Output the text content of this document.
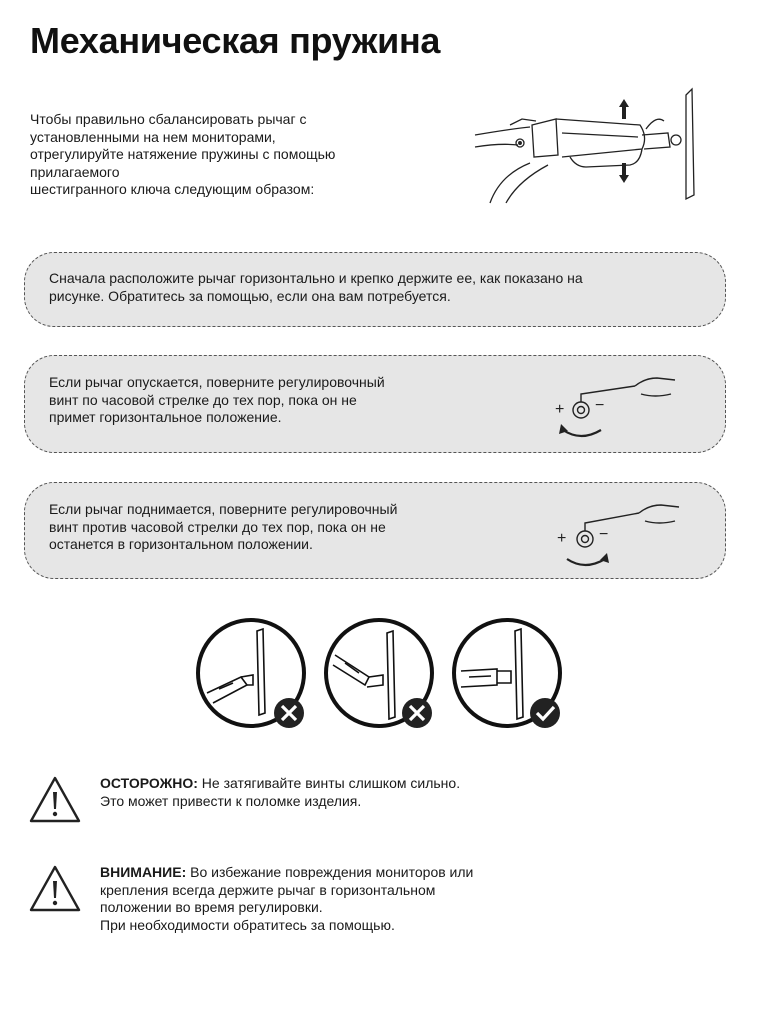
Механическая пружина
Чтобы правильно сбалансировать рычаг с
установленными на нем мониторами,
отрегулируйте натяжение пружины с помощью
прилагаемого
шестигранного ключа следующим образом:
Сначала расположите рычаг горизонтально и крепко держите ее, как показано на
рисунке. Обратитесь за помощью, если она вам потребуется.
Если рычаг опускается, поверните регулировочный
винт по часовой стрелке до тех пор, пока он не
примет горизонтальное положение.	+ −
Если рычаг поднимается, поверните регулировочный
винт против часовой стрелки до тех пор, пока он не
останется в горизонтальном положении.	+ −
ОСТОРОЖНО: Не затягивайте винты слишком сильно.
Это может привести к поломке изделия.
ВНИМАНИЕ: Во избежание повреждения мониторов или
крепления всегда держите рычаг в горизонтальном
положении во время регулировки.
При необходимости обратитесь за помощью.
